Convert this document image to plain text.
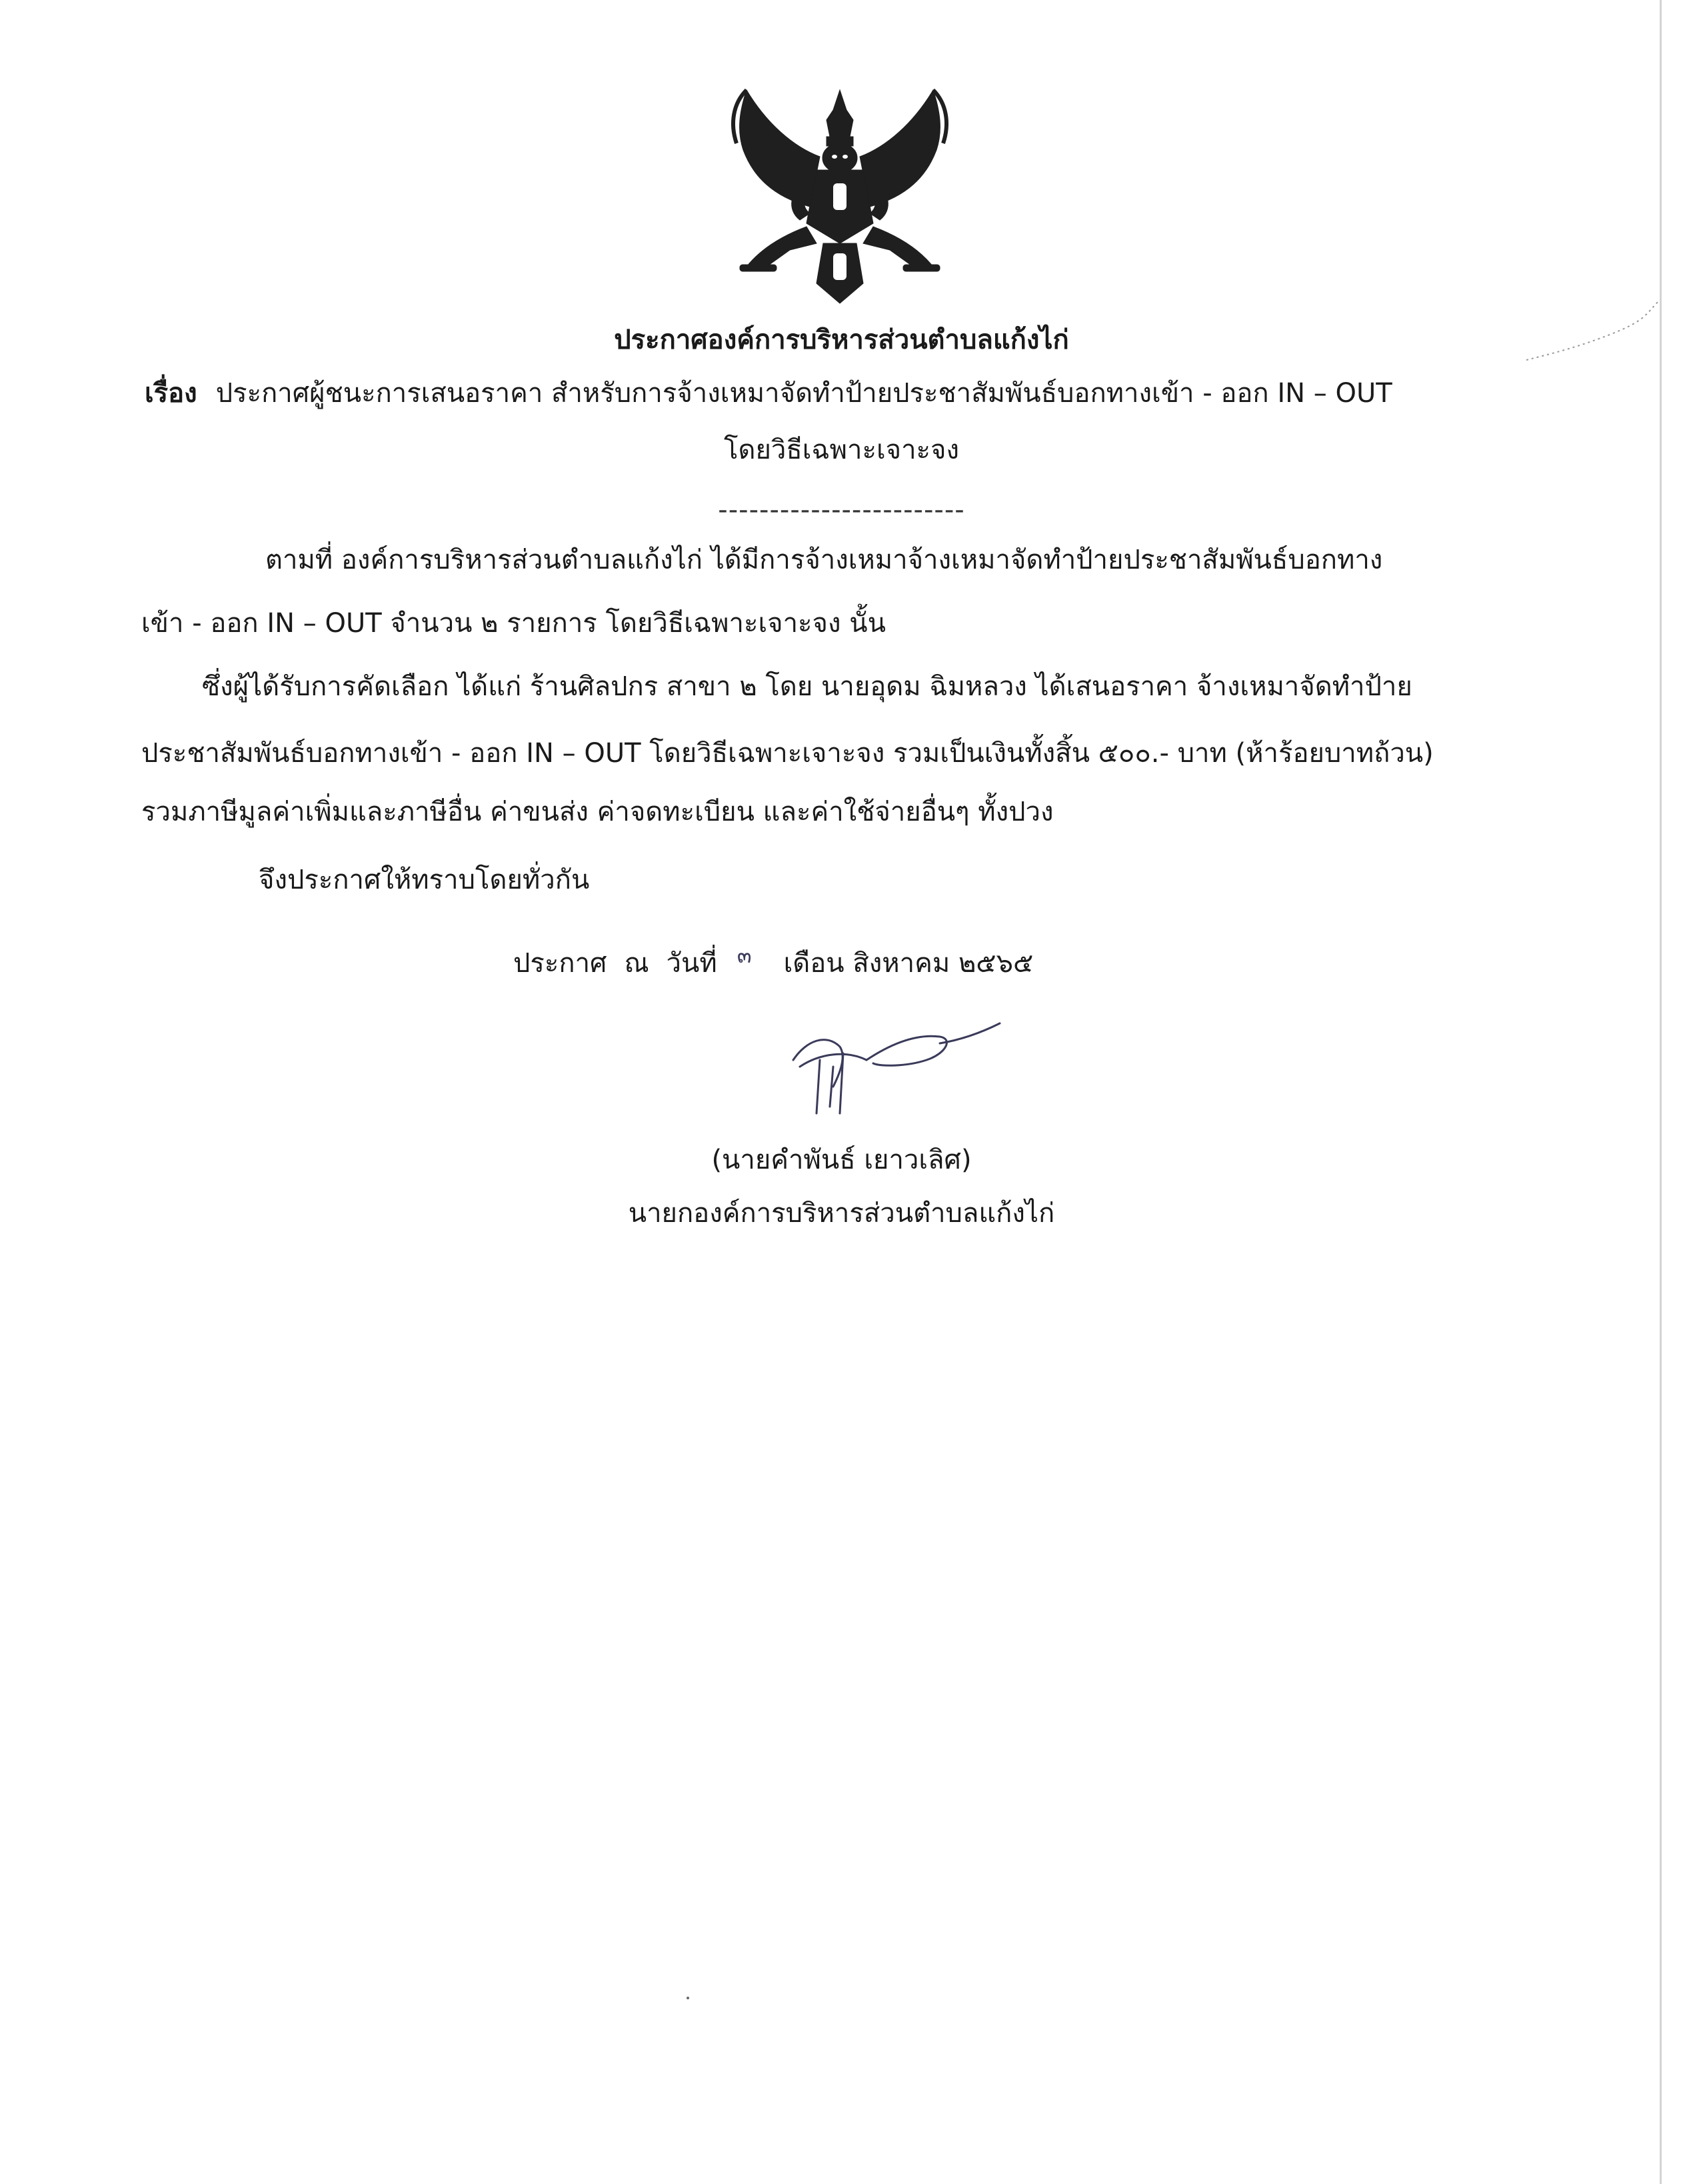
ประกาศองค์การบริหารส่วนตำบลแก้งไก่
เรื่อง ประกาศผู้ชนะการเสนอราคา สำหรับการจ้างเหมาจัดทำป้ายประชาสัมพันธ์บอกทางเข้า - ออก IN – OUT
โดยวิธีเฉพาะเจาะจง
------------------------
ตามที่ องค์การบริหารส่วนตำบลแก้งไก่ ได้มีการจ้างเหมาจ้างเหมาจัดทำป้ายประชาสัมพันธ์บอกทาง
เข้า - ออก IN – OUT จำนวน ๒ รายการ โดยวิธีเฉพาะเจาะจง นั้น
ซึ่งผู้ได้รับการคัดเลือก ได้แก่ ร้านศิลปกร สาขา ๒ โดย นายอุดม ฉิมหลวง ได้เสนอราคา จ้างเหมาจัดทำป้าย
ประชาสัมพันธ์บอกทางเข้า - ออก IN – OUT โดยวิธีเฉพาะเจาะจง รวมเป็นเงินทั้งสิ้น ๕๐๐.- บาท (ห้าร้อยบาทถ้วน)
รวมภาษีมูลค่าเพิ่มและภาษีอื่น ค่าขนส่ง ค่าจดทะเบียน และค่าใช้จ่ายอื่นๆ ทั้งปวง
จึงประกาศให้ทราบโดยทั่วกัน
ประกาศ ณ วันที่ $^๓$ เดือน สิงหาคม ๒๕๖๕
(นายคำพันธ์ เยาวเลิศ)
นายกองค์การบริหารส่วนตำบลแก้งไก่
